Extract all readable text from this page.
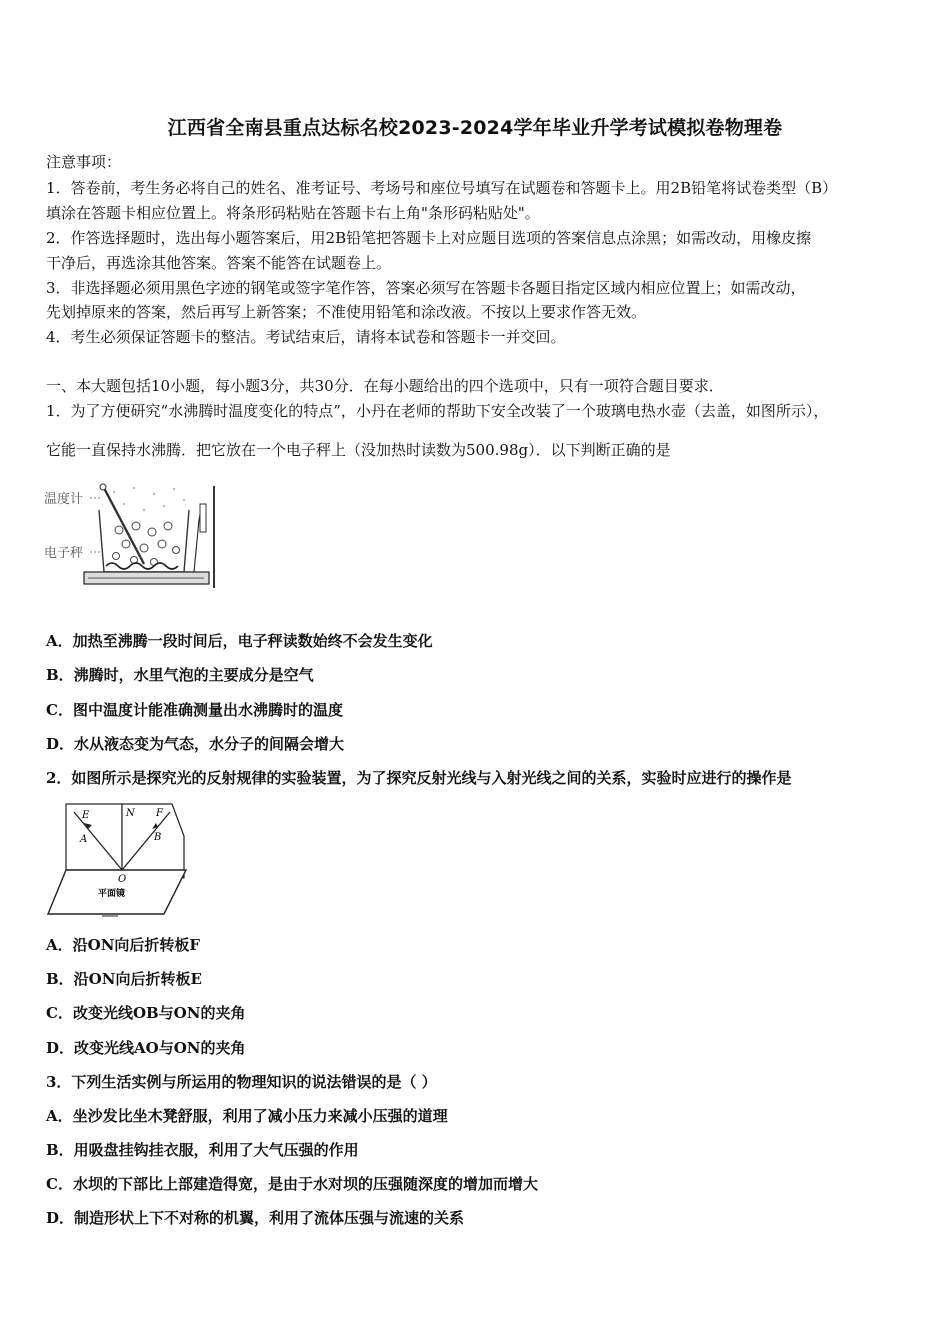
江西省全南县重点达标名校2023-2024学年毕业升学考试模拟卷物理卷
注意事项：
1．答卷前，考生务必将自己的姓名、准考证号、考场号和座位号填写在试题卷和答题卡上。用2B铅笔将试卷类型（B）
填涂在答题卡相应位置上。将条形码粘贴在答题卡右上角"条形码粘贴处"。
2．作答选择题时，选出每小题答案后，用2B铅笔把答题卡上对应题目选项的答案信息点涂黑；如需改动，用橡皮擦
干净后，再选涂其他答案。答案不能答在试题卷上。
3．非选择题必须用黑色字迹的钢笔或签字笔作答，答案必须写在答题卡各题目指定区域内相应位置上；如需改动，
先划掉原来的答案，然后再写上新答案；不准使用铅笔和涂改液。不按以上要求作答无效。
4．考生必须保证答题卡的整洁。考试结束后，请将本试卷和答题卡一并交回。
一、本大题包括10小题，每小题3分，共30分．在每小题给出的四个选项中，只有一项符合题目要求．
1．为了方便研究“水沸腾时温度变化的特点”，小丹在老师的帮助下安全改装了一个玻璃电热水壶（去盖，如图所示），
它能一直保持水沸腾．把它放在一个电子秤上（没加热时读数为500.98g）．以下判断正确的是
温度计
电子秤
A．加热至沸腾一段时间后，电子秤读数始终不会发生变化
B．沸腾时，水里气泡的主要成分是空气
C．图中温度计能准确测量出水沸腾时的温度
D．水从液态变为气态，水分子的间隔会增大
2．如图所示是探究光的反射规律的实验装置，为了探究反射光线与入射光线之间的关系，实验时应进行的操作是
E	N F
A	B
O
平面镜
A．沿ON向后折转板F
B．沿ON向后折转板E
C．改变光线OB与ON的夹角
D．改变光线AO与ON的夹角
3．下列生活实例与所运用的物理知识的说法错误的是（ ）
A．坐沙发比坐木凳舒服，利用了减小压力来减小压强的道理
B．用吸盘挂钩挂衣服，利用了大气压强的作用
C．水坝的下部比上部建造得宽，是由于水对坝的压强随深度的增加而增大
D．制造形状上下不对称的机翼，利用了流体压强与流速的关系
